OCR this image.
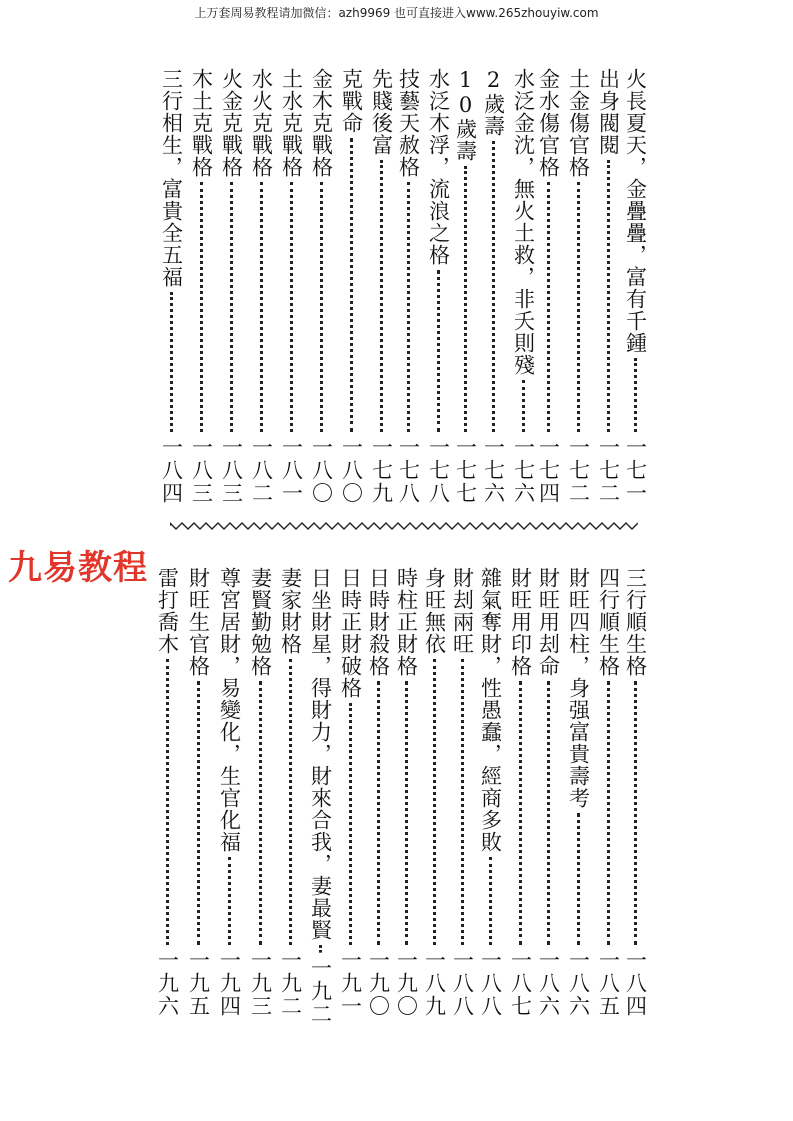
上万套周易教程请加微信：azh9969 也可直接进入www.265zhouyiw.com
火長夏天，金疊疊，富有千鍾
一七一
出身閥閱
一七二
土金傷官格
一七二
金水傷官格
一七四
水泛金沈，無火土救，非夭則殘
一七六
2歲壽
一七六
10歲壽
一七七
水泛木浮，流浪之格
一七八
技藝天赦格
一七八
先賤後富
一七九
克戰命
一八〇
金木克戰格
一八〇
土水克戰格
一八一
水火克戰格
一八二
火金克戰格
一八三
木土克戰格
一八三
三行相生，富貴全五福
一八四
九易教程	三行順生格
一八四
四行順生格
一八五
財旺四柱，身强富貴壽考
一八六
財旺用刦命
一八六
財旺用印格
一八七
雜氣奪財，性愚蠢，經商多敗
一八八
財刦兩旺
一八八
身旺無依
一八九
時柱正財格
一九〇
日時財殺格
一九〇
日時正財破格
一九一
日坐財星，得財力，財來合我，妻最賢
一九二
妻家財格
一九二
妻賢勤勉格
一九三
尊宮居財，易變化，生官化福
一九四
財旺生官格
一九五
雷打喬木
一九六
